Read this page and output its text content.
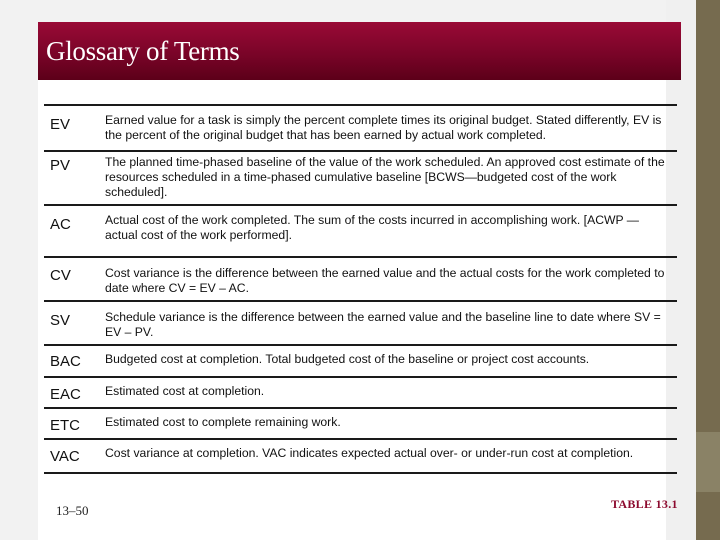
Glossary of Terms
EV	Earned value for a task is simply the percent complete times its original budget. Stated differently, EV is the percent of the original budget that has been earned by actual work completed.
PV	The planned time-phased baseline of the value of the work scheduled. An approved cost estimate of the resources scheduled in a time-phased cumulative baseline [BCWS—budgeted cost of the work scheduled].
AC	Actual cost of the work completed. The sum of the costs incurred in accomplishing work. [ACWP —actual cost of the work performed].
CV	Cost variance is the difference between the earned value and the actual costs for the work completed to date where CV = EV – AC.
SV	Schedule variance is the difference between the earned value and the baseline line to date where SV = EV – PV.
BAC Budgeted cost at completion. Total budgeted cost of the baseline or project cost accounts.
EAC Estimated cost at completion.
ETC Estimated cost to complete remaining work.
VAC Cost variance at completion. VAC indicates expected actual over- or under-run cost at completion.
13–50	TABLE 13.1
